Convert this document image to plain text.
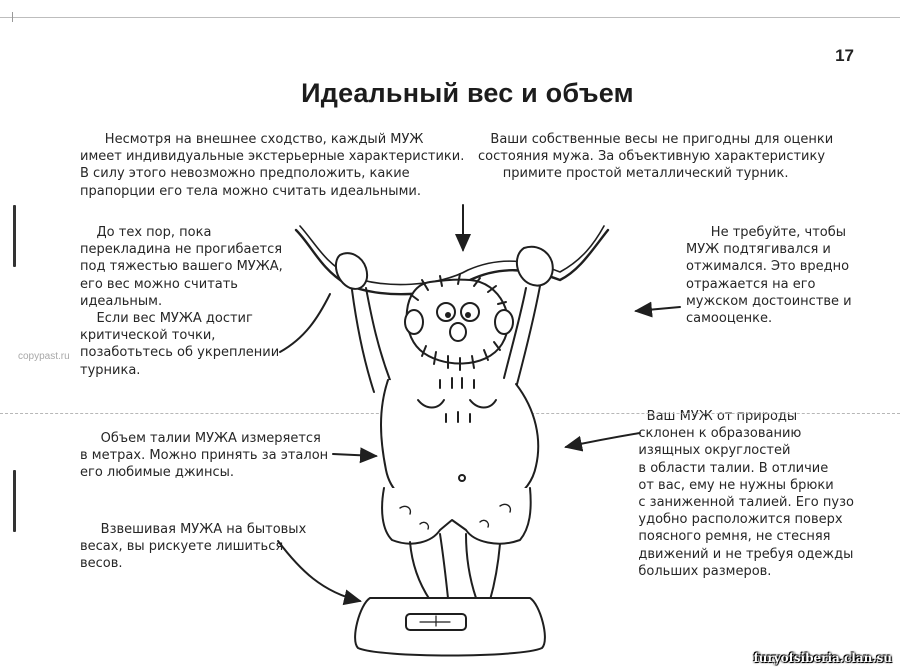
17
Идеальный вес и объем
Несмотря на внешнее сходство, каждый МУЖ
имеет индивидуальные экстерьерные характеристики.
В силу этого невозможно предположить, какие
прапорции его тела можно считать идеальными.
Ваши собственные весы не пригодны для оценки
состояния мужа. За объективную характеристику
примите простой металлический турник.
До тех пор, пока
перекладина не прогибается
под тяжестью вашего МУЖА,
его вес можно считать
идеальным.
Если вес МУЖА достиг
критической точки,
позаботьтесь об укреплении
турника.
Не требуйте, чтобы
МУЖ подтягивался и
отжимался. Это вредно
отражается на его
мужском достоинстве и
самооценке.
Объем талии МУЖА измеряется
в метрах. Можно принять за эталон
его любимые джинсы.
Взвешивая МУЖА на бытовых
весах, вы рискуете лишиться
весов.
Ваш МУЖ от природы
склонен к образованию
изящных округлостей
в области талии. В отличие
от вас, ему не нужны брюки
с заниженной талией. Его пузо
удобно расположится поверх
поясного ремня, не стесняя
движений и не требуя одежды
больших размеров.
copypast.ru
furyofsiberia.clan.su
